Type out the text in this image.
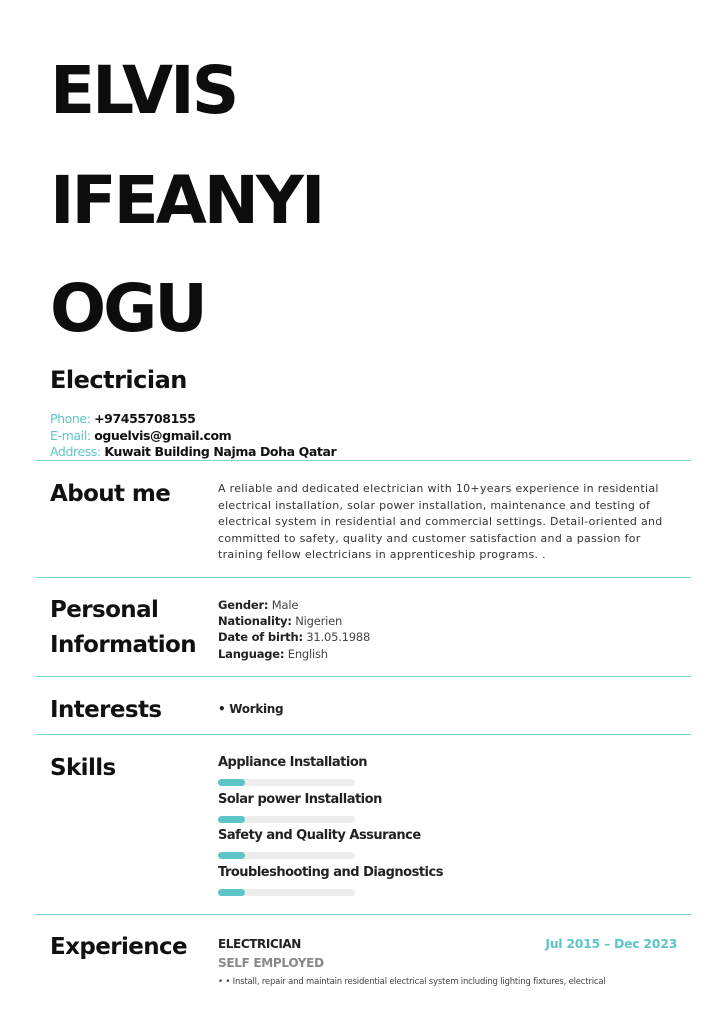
ELVIS
IFEANYI
OGU
Electrician
Phone: +97455708155
E-mail: oguelvis@gmail.com
Address: Kuwait Building Najma Doha Qatar
About me	A reliable and dedicated electrician with 10+years experience in residential electrical installation, solar power installation, maintenance and testing of electrical system in residential and commercial settings. Detail-oriented and committed to safety, quality and customer satisfaction and a passion for training fellow electricians in apprenticeship programs. .
Personal
Information
Gender: Male
Nationality: Nigerien
Date of birth: 31.05.1988
Language: English
Interests	• Working
Skills	Appliance Installation
Solar power Installation
Safety and Quality Assurance
Troubleshooting and Diagnostics
Experience	ELECTRICIAN
SELF EMPLOYED
Jul 2015 – Dec 2023
• • Install, repair and maintain residential electrical system including lighting fixtures, electrical
